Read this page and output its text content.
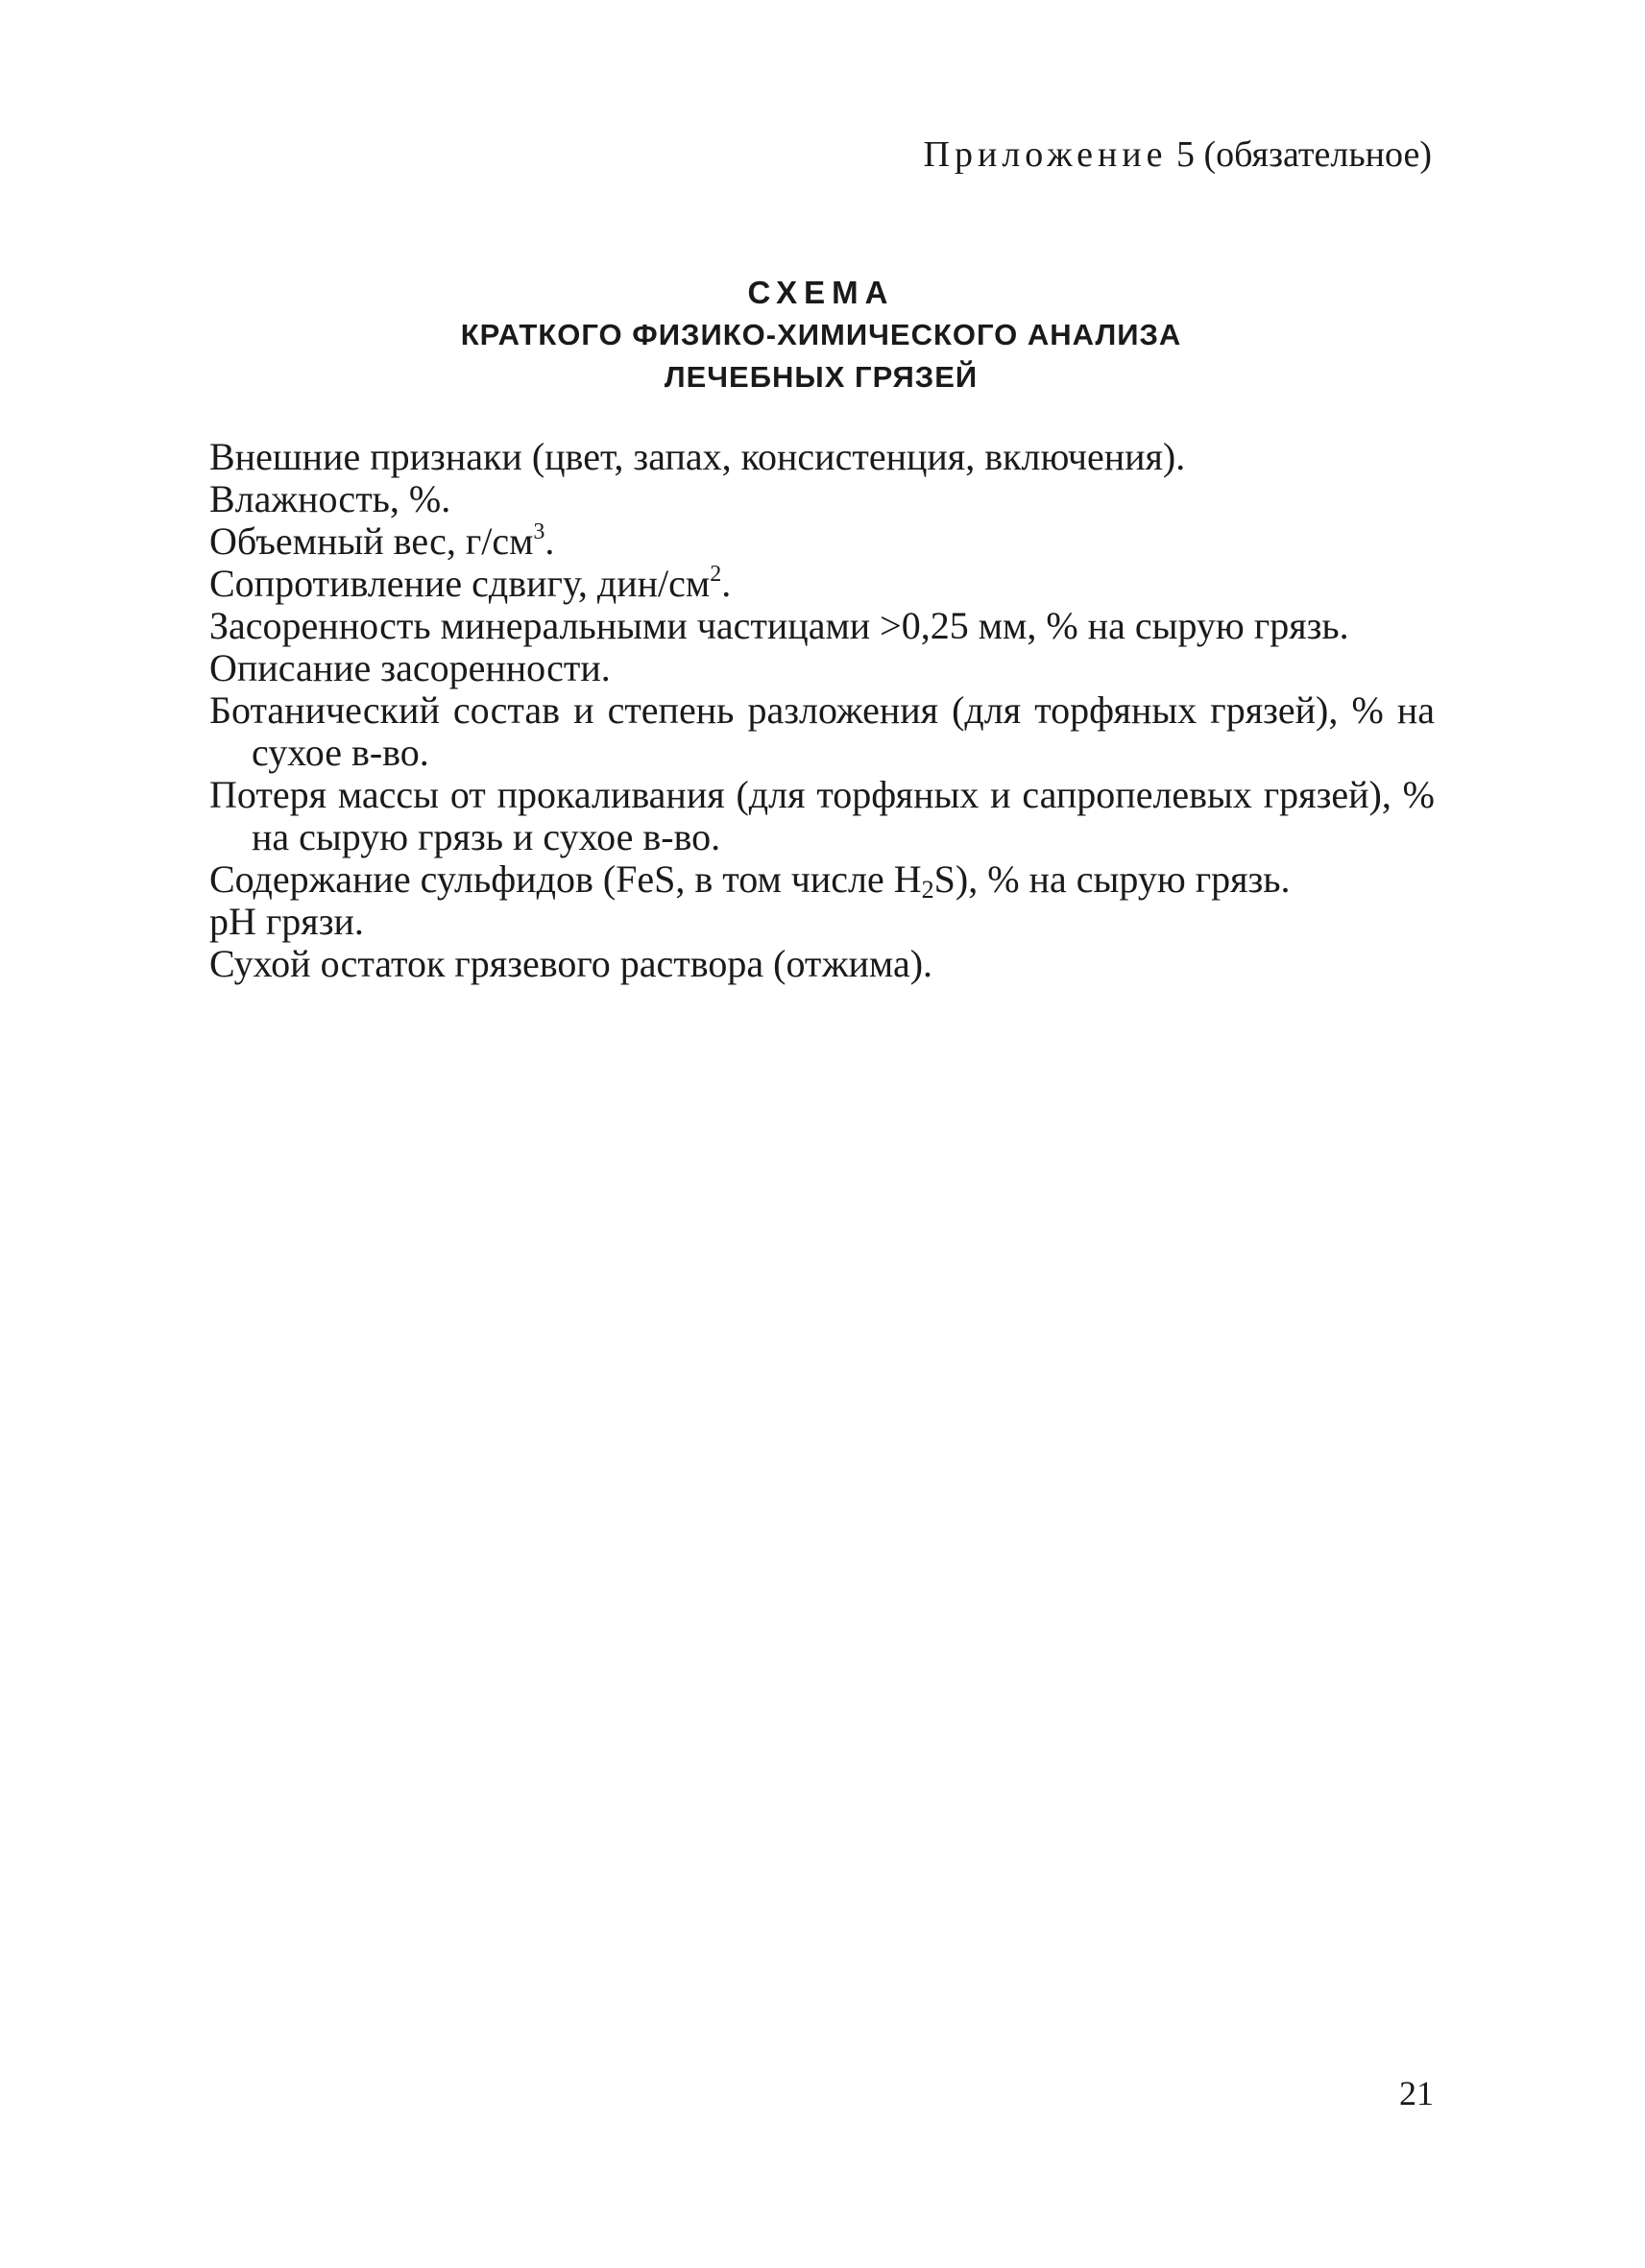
Приложение 5 (обязательное)
СХЕМА
КРАТКОГО ФИЗИКО-ХИМИЧЕСКОГО АНАЛИЗА
ЛЕЧЕБНЫХ ГРЯЗЕЙ
Внешние признаки (цвет, запах, консистенция, включения).
Влажность, %.
Объемный вес, $г/см^3$.
Сопротивление сдвигу, дин/$см^2$.
Засоренность минеральными частицами >0,25 мм, % на сырую грязь.
Описание засоренности.
Ботанический состав и степень разложения (для торфяных грязей), % на сухое в-во.
Потеря массы от прокаливания (для торфяных и сапропелевых грязей), % на сырую грязь и сухое в-во.
Содержание сульфидов (FeS, в том числе $H_2S$), % на сырую грязь.
pH грязи.
Сухой остаток грязевого раствора (отжима).
21
